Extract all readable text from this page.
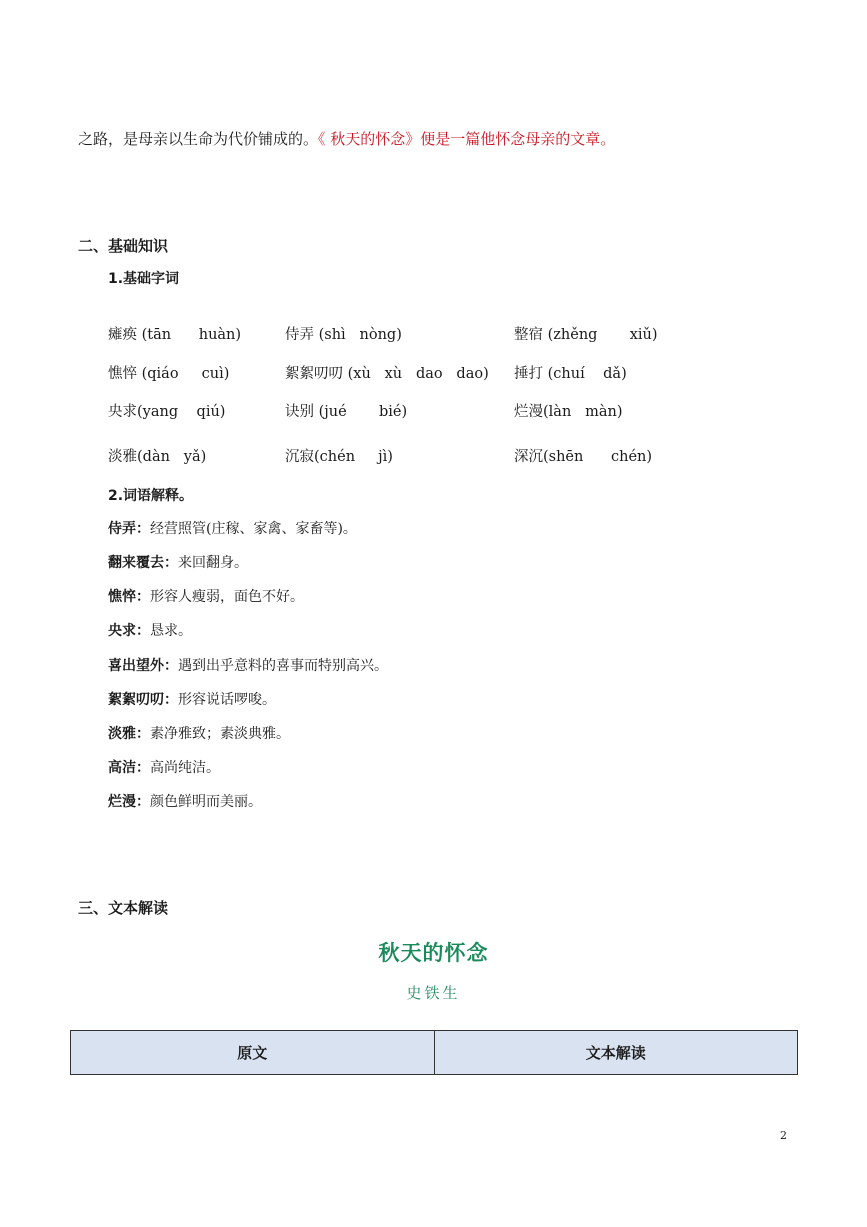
之路，是母亲以生命为代价铺成的。《 秋天的怀念》便是一篇他怀念母亲的文章。
二、基础知识
1.基础字词
瘫痪 (tān      huàn)	侍弄 (shì   nòng)	整宿 (zhěng       xiǔ)
憔悴 (qiáo     cuì)	絮絮叨叨 (xù   xù   dao   dao) 捶打 (chuí    dǎ)
央求(yang    qiú)	诀别 (jué       bié)	烂漫(làn   màn)
淡雅(dàn   yǎ)	沉寂(chén     jì)	深沉(shēn      chén)
2.词语解释。
侍弄：经营照管(庄稼、家禽、家畜等)。
翻来覆去：来回翻身。
憔悴：形容人瘦弱，面色不好。
央求：恳求。
喜出望外：遇到出乎意料的喜事而特别高兴。
絮絮叨叨：形容说话啰唆。
淡雅：素净雅致；素淡典雅。
高洁：高尚纯洁。
烂漫：颜色鲜明而美丽。
三、文本解读
秋天的怀念
史铁生
原文	文本解读
2
